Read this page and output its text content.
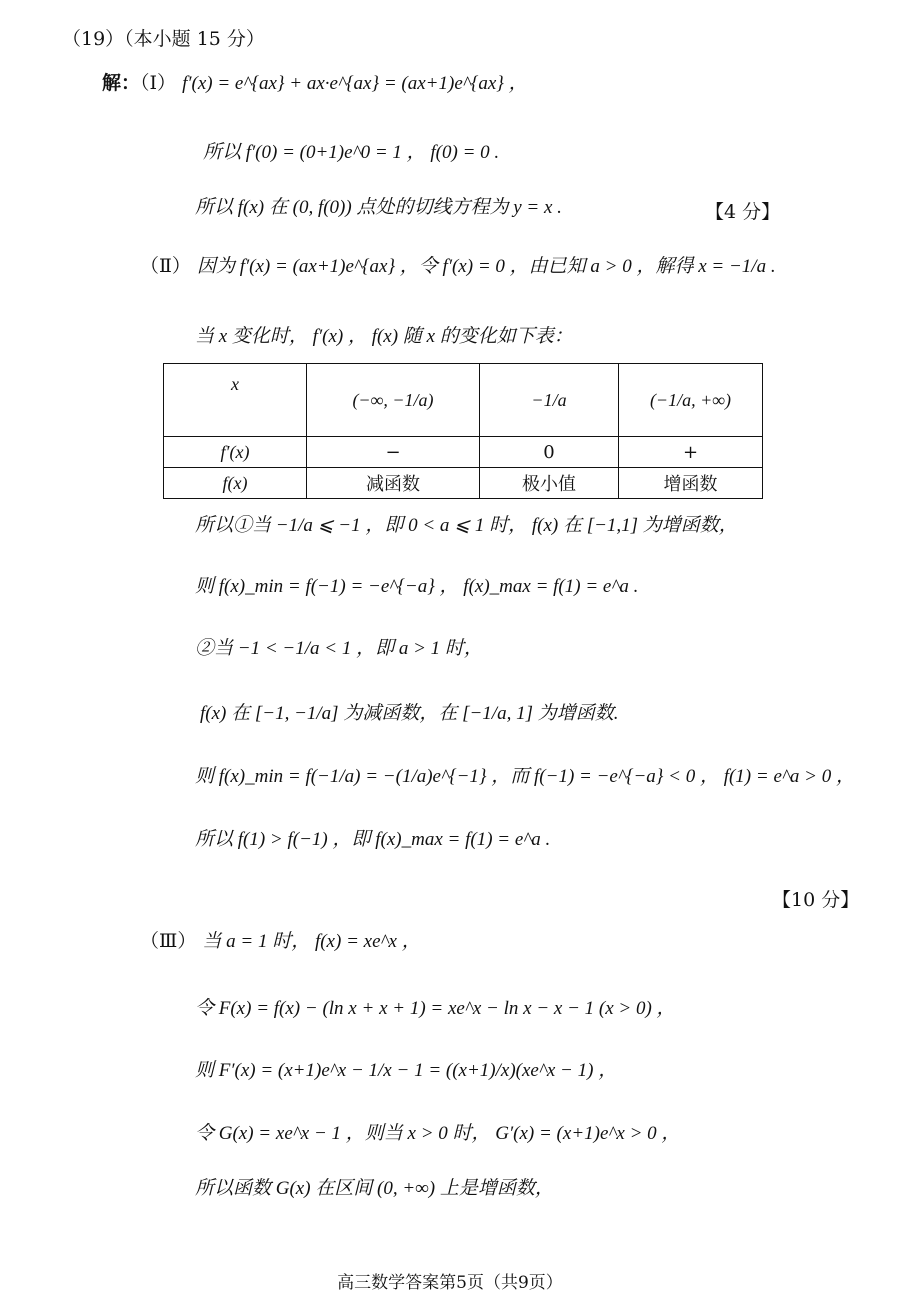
（19）（本小题 15 分）
解：（Ⅰ） f′(x) = e^{ax} + ax·e^{ax} = (ax+1)e^{ax} ，
所以 f′(0) = (0+1)e^0 = 1 ， f(0) = 0 .
所以 f(x) 在 (0, f(0)) 点处的切线方程为 y = x .	【4 分】
（Ⅱ） 因为 f′(x) = (ax+1)e^{ax} ，令 f′(x) = 0 ，由已知 a > 0 ，解得 x = −1/a .
当 x 变化时， f′(x) ， f(x) 随 x 的变化如下表：
x	(−∞, −1/a)	−1/a	(−1/a, +∞)
f′(x)	−	0	+
f(x)	减函数	极小值	增函数
所以①当 −1/a ⩽ −1 ，即 0 < a ⩽ 1 时， f(x) 在 [−1,1] 为增函数，
则 f(x)_min = f(−1) = −e^{−a} ， f(x)_max = f(1) = e^a .
②当 −1 < −1/a < 1 ，即 a > 1 时，
f(x) 在 [−1, −1/a] 为减函数，在 [−1/a, 1] 为增函数.
则 f(x)_min = f(−1/a) = −(1/a)e^{−1} ，而 f(−1) = −e^{−a} < 0 ， f(1) = e^a > 0 ，
所以 f(1) > f(−1) ，即 f(x)_max = f(1) = e^a .
【10 分】
（Ⅲ） 当 a = 1 时， f(x) = xe^x ，
令 F(x) = f(x) − (ln x + x + 1) = xe^x − ln x − x − 1 (x > 0) ，
则 F′(x) = (x+1)e^x − 1/x − 1 = ((x+1)/x)(xe^x − 1) ，
令 G(x) = xe^x − 1 ，则当 x > 0 时， G′(x) = (x+1)e^x > 0 ，
所以函数 G(x) 在区间 (0, +∞) 上是增函数，
高三数学答案第5页（共9页）
